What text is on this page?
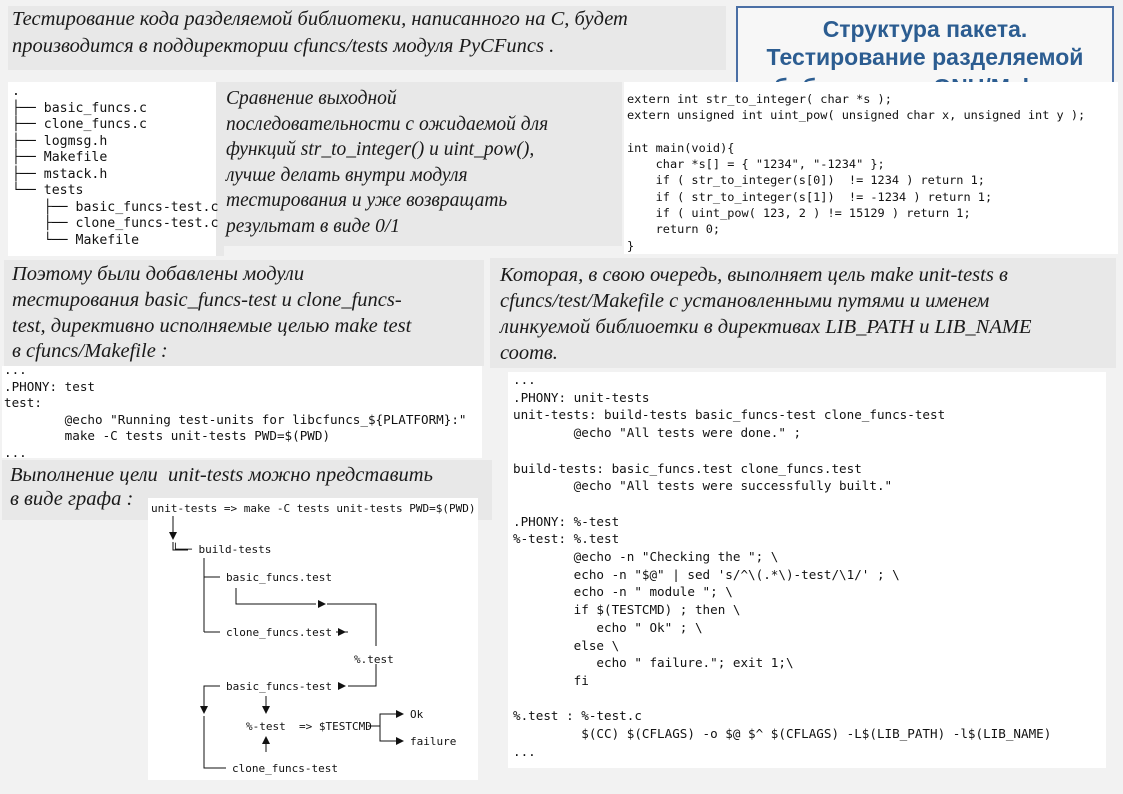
Тестирование кода разделяемой библиотеки, написанного на C, будет
производится в поддиректории cfuncs/tests модуля PyCFuncs .
Структура пакета.
Тестирование разделяемой
.
├── basic_funcs.c
├── clone_funcs.c
├── logmsg.h
├── Makefile
├── mstack.h
└── tests
├── basic_funcs-test.c
├── clone_funcs-test.c
└── Makefile
Сравнение выходной
последовательности с ожидаемой для
функций str_to_integer() и uint_pow(),
лучше делать внутри модуля
тестирования и уже возвращать
результат в виде 0/1
extern int str_to_integer( char *s );
extern unsigned int uint_pow( unsigned char x, unsigned int y );

int main(void){
char *s[] = { "1234", "-1234" };
if ( str_to_integer(s[0])  != 1234 ) return 1;
if ( str_to_integer(s[1])  != -1234 ) return 1;
if ( uint_pow( 123, 2 ) != 15129 ) return 1;
return 0;
}
Поэтому были добавлены модули
тестирования basic_funcs-test и clone_funcs-
test, директивно исполняемые целью make test
в cfuncs/Makefile :
Которая, в свою очередь, выполняет цель make unit-tests в
cfuncs/test/Makefile с установленными путями и именем
линкуемой библиоетки в директивах LIB_PATH и LIB_NAME
соотв.
...
.PHONY: test
test:
@echo "Running test-units for libcfuncs_${PLATFORM}:"
make -C tests unit-tests PWD=$(PWD)
...
Выполнение цели  unit-tests можно представить
в виде графа : unit-tests => make -C tests unit-tests PWD=$(PWD)
└── build-tests
basic_funcs.test
clone_funcs.test
%.test
basic_funcs-test
%-test  => $TESTCMD
Ok
failure
clone_funcs-test
...
.PHONY: unit-tests
unit-tests: build-tests basic_funcs-test clone_funcs-test
@echo "All tests were done." ;

build-tests: basic_funcs.test clone_funcs.test
@echo "All tests were successfully built."

.PHONY: %-test
%-test: %.test
@echo -n "Checking the "; \
echo -n "$@" | sed 's/^\(.*\)-test/\1/' ; \
echo -n " module "; \
if $(TESTCMD) ; then \
echo " Ok" ; \
else \
echo " failure."; exit 1;\
fi

%.test : %-test.c
$(CC) $(CFLAGS) -o $@ $^ $(CFLAGS) -L$(LIB_PATH) -l$(LIB_NAME)
...
